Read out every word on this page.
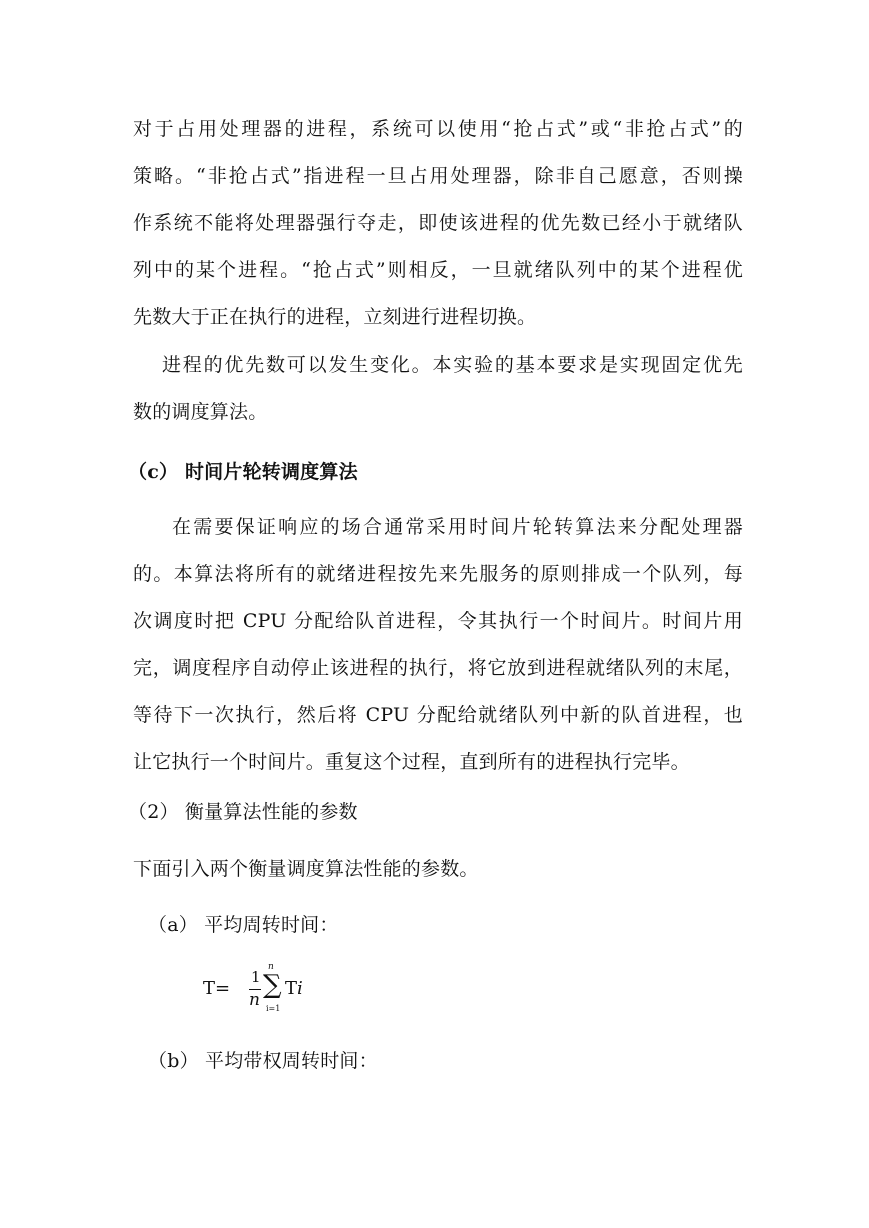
对于占用处理器的进程，系统可以使用“抢占式”或“非抢占式”的
策略。“非抢占式”指进程一旦占用处理器，除非自己愿意，否则操
作系统不能将处理器强行夺走，即使该进程的优先数已经小于就绪队
列中的某个进程。“抢占式”则相反，一旦就绪队列中的某个进程优
先数大于正在执行的进程，立刻进行进程切换。
进程的优先数可以发生变化。本实验的基本要求是实现固定优先
数的调度算法。
（c） 时间片轮转调度算法
在需要保证响应的场合通常采用时间片轮转算法来分配处理器
的。本算法将所有的就绪进程按先来先服务的原则排成一个队列，每
次调度时把 CPU 分配给队首进程，令其执行一个时间片。时间片用
完，调度程序自动停止该进程的执行，将它放到进程就绪队列的末尾，
等待下一次执行，然后将 CPU 分配给就绪队列中新的队首进程，也
让它执行一个时间片。重复这个过程，直到所有的进程执行完毕。
（2） 衡量算法性能的参数
下面引入两个衡量调度算法性能的参数。
（a） 平均周转时间：
T=
1
n
n
∑
i=1
Ti
（b） 平均带权周转时间：
